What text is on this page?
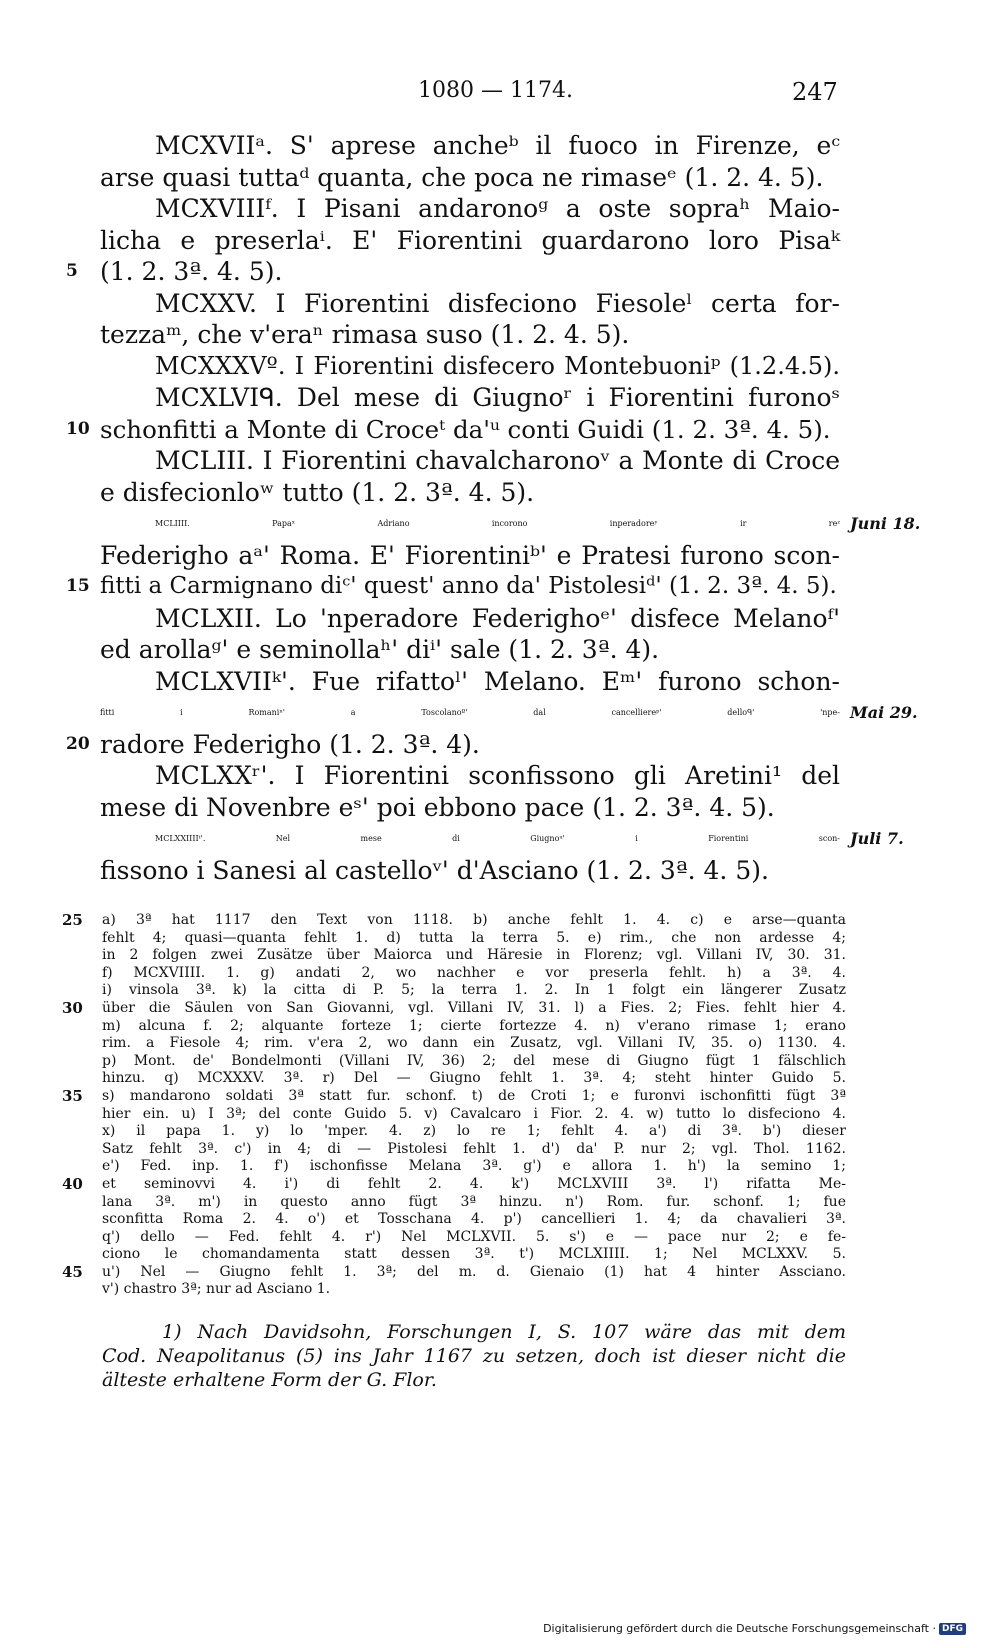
1080 — 1174.	247
MCXVIIᵃ. S' aprese ancheᵇ il fuoco in Firenze, eᶜ
arse quasi tuttaᵈ quanta, che poca ne rimaseᵉ (1. 2. 4. 5).
MCXVIIIᶠ. I Pisani andaronoᵍ a oste soprаʰ Maio-
licha e preserlaⁱ. E' Fiorentini guardarono loro Pisaᵏ
(1. 2. 3ª. 4. 5).
5
MCXXV. I Fiorentini disfeciono Fiesoleˡ certa for-
tezzaᵐ, che v'eraⁿ rimasa suso (1. 2. 4. 5).
MCXXXVº. I Fiorentini disfecero Montebuoniᵖ (1.2.4.5).
MCXLVIᑫ. Del mese di Giugnoʳ i Fiorentini furonoˢ
schonfitti a Monte di Croceᵗ da'ᵘ conti Guidi (1. 2. 3ª. 4. 5).
10
MCLIII. I Fiorentini chavalcharonoᵛ a Monte di Croce
e disfecionloʷ tutto (1. 2. 3ª. 4. 5).
MCLIIII. Papaˣ Adriano incorono inperadoreʸ ir reᶻ Juni 18.
Federigho aᵃ' Roma. E' Fiorentiniᵇ' e Pratesi furono scon-
fitti a Carmignano diᶜ' quest' anno da' Pistolesiᵈ' (1. 2. 3ª. 4. 5).
15
MCLXII. Lo 'nperadore Federighoᵉ' disfece Melanoᶠ'
ed arollaᵍ' e seminollaʰ' diⁱ' sale (1. 2. 3ª. 4).
MCLXVIIᵏ'. Fue rifattoˡ' Melano. Eᵐ' furono schon-
fitti i Romaniⁿ' a Toscolanoº' dal cancelliereᵖ' delloᑫ' 'npe- Mai 29.
radore Federigho (1. 2. 3ª. 4).
20
MCLXXʳ'. I Fiorentini sconfissono gli Aretini¹ del
mese di Novenbre eˢ' poi ebbono pace (1. 2. 3ª. 4. 5).
MCLXXIIIIᵗ'. Nel mese di Giugnoᵘ' i Fiorentini scon- Juli 7.
fissono i Sanesi al castelloᵛ' d'Asciano (1. 2. 3ª. 4. 5).
a) 3ª hat 1117 den Text von 1118. b) anche fehlt 1. 4. c) e arse—quanta
25
fehlt 4; quasi—quanta fehlt 1. d) tutta la terra 5. e) rim., che non ardesse 4;
in 2 folgen zwei Zusätze über Maiorca und Häresie in Florenz; vgl. Villani IV, 30. 31.
f) MCXVIIII. 1. g) andati 2, wo nachher e vor preserla fehlt. h) a 3ª. 4.
i) vinsola 3ª. k) la citta di P. 5; la terra 1. 2. In 1 folgt ein längerer Zusatz
über die Säulen von San Giovanni, vgl. Villani IV, 31. l) a Fies. 2; Fies. fehlt hier 4.
30
m) alcuna f. 2; alquante forteze 1; cierte fortezze 4. n) v'erano rimase 1; erano
rim. a Fiesole 4; rim. v'era 2, wo dann ein Zusatz, vgl. Villani IV, 35. o) 1130. 4.
p) Mont. de' Bondelmonti (Villani IV, 36) 2; del mese di Giugno fügt 1 fälschlich
hinzu. q) MCXXXV. 3ª. r) Del — Giugno fehlt 1. 3ª. 4; steht hinter Guido 5.
s) mandarono soldati 3ª statt fur. schonf. t) de Croti 1; e furonvi ischonfitti fügt 3ª
35
hier ein. u) I 3ª; del conte Guido 5. v) Cavalcaro i Fior. 2. 4. w) tutto lo disfeciono 4.
x) il papa 1. y) lo 'mper. 4. z) lo re 1; fehlt 4. a') di 3ª. b') dieser
Satz fehlt 3ª. c') in 4; di — Pistolesi fehlt 1. d') da' P. nur 2; vgl. Thol. 1162.
e') Fed. inp. 1. f') ischonfisse Melana 3ª. g') e allora 1. h') la semino 1;
et seminovvi 4. i') di fehlt 2. 4. k') MCLXVIII 3ª. l') rifatta Me-
40
lana 3ª. m') in questo anno fügt 3ª hinzu. n') Rom. fur. schonf. 1; fue
sconfitta Roma 2. 4. o') et Tosschana 4. p') cancellieri 1. 4; da chavalieri 3ª.
q') dello — Fed. fehlt 4. r') Nel MCLXVII. 5. s') e — pace nur 2; e fe-
ciono le chomandamenta statt dessen 3ª. t') MCLXIIII. 1; Nel MCLXXV. 5.
u') Nel — Giugno fehlt 1. 3ª; del m. d. Gienaio (1) hat 4 hinter Assciano.
45
v') chastro 3ª; nur ad Asciano 1.
1) Nach Davidsohn, Forschungen I, S. 107 wäre das mit dem
Cod. Neapolitanus (5) ins Jahr 1167 zu setzen, doch ist dieser nicht die
älteste erhaltene Form der G. Flor.
Digitalisierung gefördert durch die Deutsche Forschungsgemeinschaft · DFG
